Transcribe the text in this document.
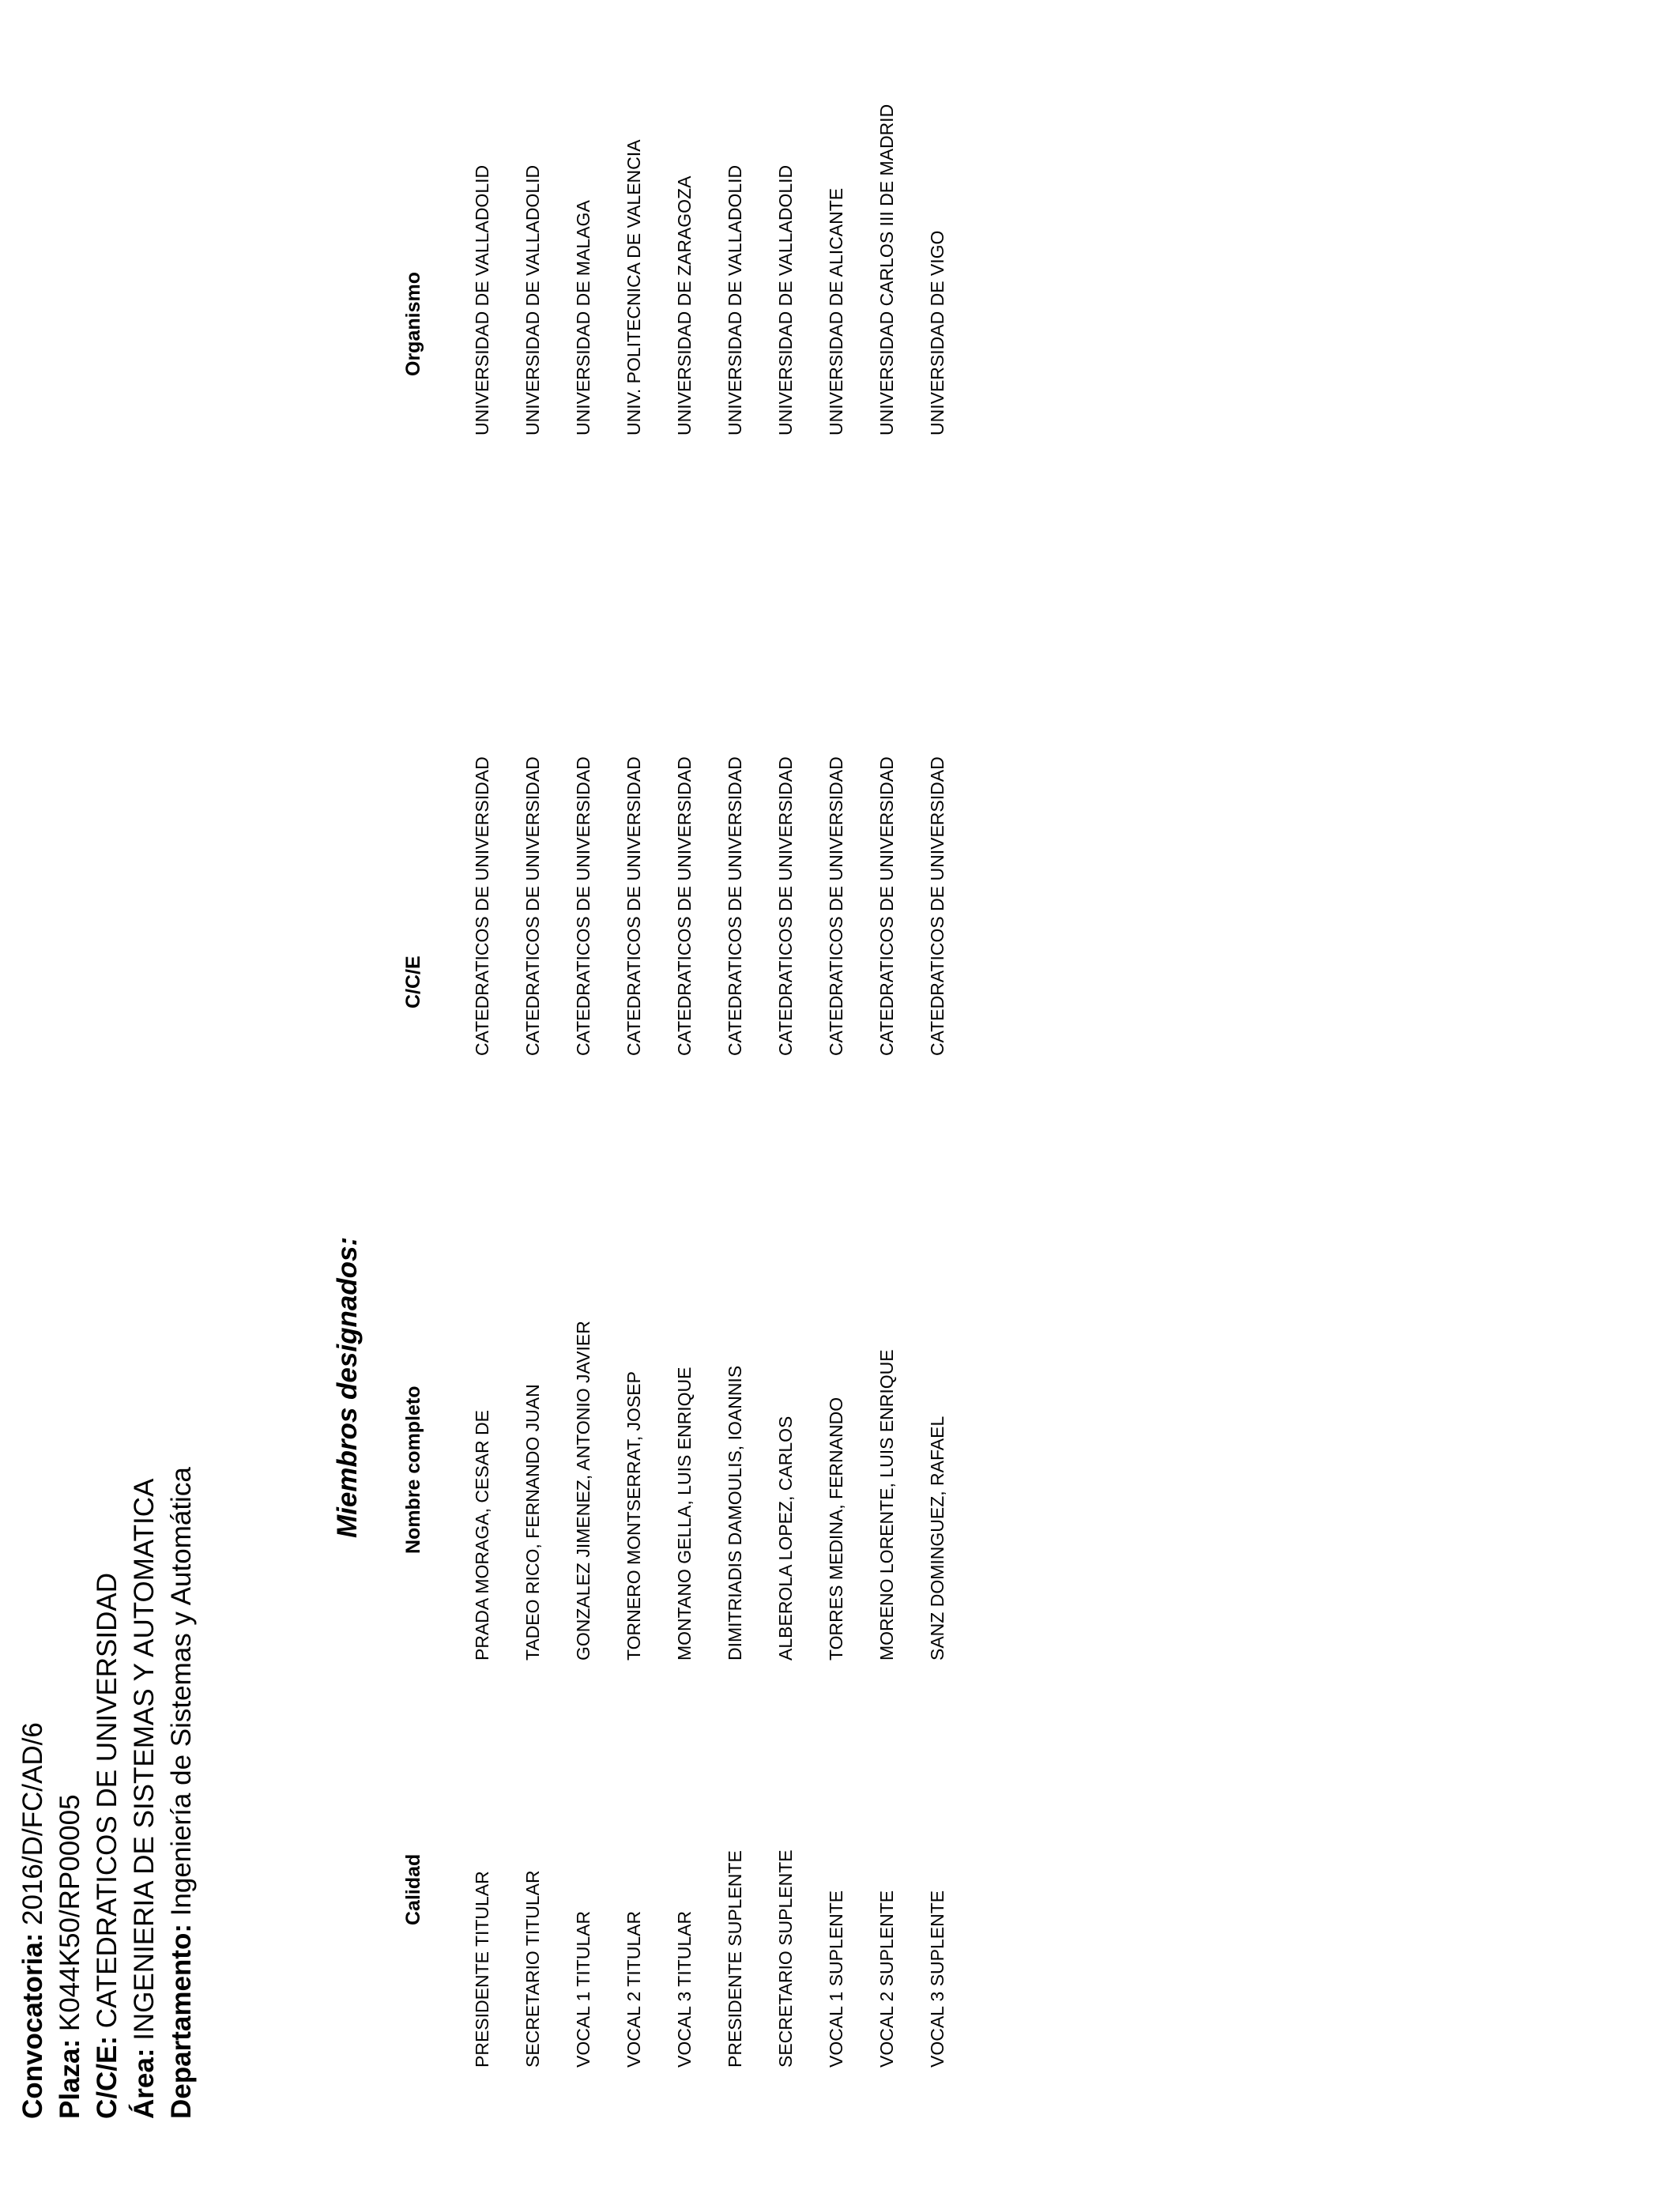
Convocatoria: 2016/D/FC/AD/6
Plaza: K044K50/RP00005
C/C/E: CATEDRATICOS DE UNIVERSIDAD
Área: INGENIERIA DE SISTEMAS Y AUTOMATICA Departamento: Ingeniería de Sistemas y Automática
Miembros designados:
Calidad
Nombre completo
C/C/E
Organismo
PRESIDENTE TITULAR
PRADA MORAGA, CESAR DE
CATEDRATICOS DE UNIVERSIDAD
UNIVERSIDAD DE VALLADOLID
SECRETARIO TITULAR
TADEO RICO, FERNANDO JUAN
CATEDRATICOS DE UNIVERSIDAD
UNIVERSIDAD DE VALLADOLID
VOCAL 1 TITULAR
GONZALEZ JIMENEZ, ANTONIO JAVIER
CATEDRATICOS DE UNIVERSIDAD
UNIVERSIDAD DE MALAGA
VOCAL 2 TITULAR
TORNERO MONTSERRAT, JOSEP
CATEDRATICOS DE UNIVERSIDAD
UNIV. POLITECNICA DE VALENCIA
VOCAL 3 TITULAR
MONTANO GELLA, LUIS ENRIQUE
CATEDRATICOS DE UNIVERSIDAD
UNIVERSIDAD DE ZARAGOZA
PRESIDENTE SUPLENTE
DIMITRIADIS DAMOULIS, IOANNIS
CATEDRATICOS DE UNIVERSIDAD
UNIVERSIDAD DE VALLADOLID
SECRETARIO SUPLENTE
ALBEROLA LOPEZ, CARLOS
CATEDRATICOS DE UNIVERSIDAD
UNIVERSIDAD DE VALLADOLID
VOCAL 1 SUPLENTE
TORRES MEDINA, FERNANDO
CATEDRATICOS DE UNIVERSIDAD
UNIVERSIDAD DE ALICANTE
VOCAL 2 SUPLENTE
MORENO LORENTE, LUIS ENRIQUE
CATEDRATICOS DE UNIVERSIDAD
UNIVERSIDAD CARLOS III DE MADRID
VOCAL 3 SUPLENTE
SANZ DOMINGUEZ, RAFAEL
CATEDRATICOS DE UNIVERSIDAD
UNIVERSIDAD DE VIGO
